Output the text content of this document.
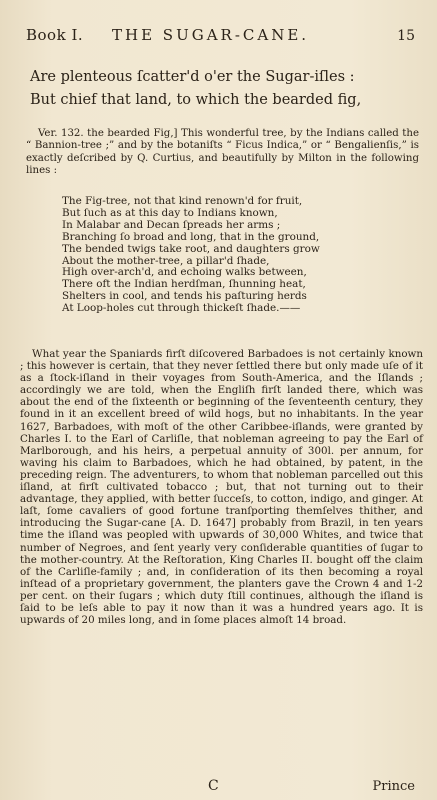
Book I. THE SUGAR-CANE.	15
Are plenteous ſcatter'd o'er the Sugar-iſles :
But chief that land, to which the bearded fig,

Ver. 132. the bearded Fig,] This wonderful tree, by the Indians called the “ Bannion-tree ;” and by the botaniſts “ Ficus Indica,” or “ Bengalienſis,” is exactly deſcribed by Q. Curtius, and beautifully by Milton in the following lines :

The Fig-tree, not that kind renown'd for fruit,
But ſuch as at this day to Indians known,
In Malabar and Decan ſpreads her arms ;
Branching ſo broad and long, that in the ground,
The bended twigs take root, and daughters grow
About the mother-tree, a pillar'd ſhade,
High over-arch'd, and echoing walks between,
There oft the Indian herdſman, ſhunning heat,
Shelters in cool, and tends his paſturing herds
At Loop-holes cut through thickeſt ſhade.——

What year the Spaniards firſt diſcovered Barbadoes is not certainly known ; this however is certain, that they never ſettled there but only made uſe of it as a ſtock-iſland in their voyages from South-America, and the Iſlands ; accordingly we are told, when the Engliſh firſt landed there, which was about the end of the ſixteenth or beginning of the ſeventeenth century, they found in it an excellent breed of wild hogs, but no inhabitants. In the year 1627, Barbadoes, with moſt of the other Caribbee-iſlands, were granted by Charles I. to the Earl of Carliſle, that nobleman agreeing to pay the Earl of Marlborough, and his heirs, a perpetual annuity of 300l. per annum, for waving his claim to Barbadoes, which he had obtained, by patent, in the preceding reign. The adventurers, to whom that nobleman parcelled out this iſland, at firſt cultivated tobacco ; but, that not turning out to their advantage, they applied, with better ſucceſs, to cotton, indigo, and ginger. At laſt, ſome cavaliers of good fortune tranſporting themſelves thither, and introducing the Sugar-cane [A. D. 1647] probably from Brazil, in ten years time the iſland was peopled with upwards of 30,000 Whites, and twice that number of Negroes, and ſent yearly very conſiderable quantities of ſugar to the mother-country. At the Reſtoration, King Charles II. bought off the claim of the Carliſle-family ; and, in conſideration of its then becoming a royal inſtead of a proprietary government, the planters gave the Crown 4 and 1-2 per cent. on their ſugars ; which duty ſtill continues, although the iſland is ſaid to be leſs able to pay it now than it was a hundred years ago. It is upwards of 20 miles long, and in ſome places almoſt 14 broad.

C	Prince
